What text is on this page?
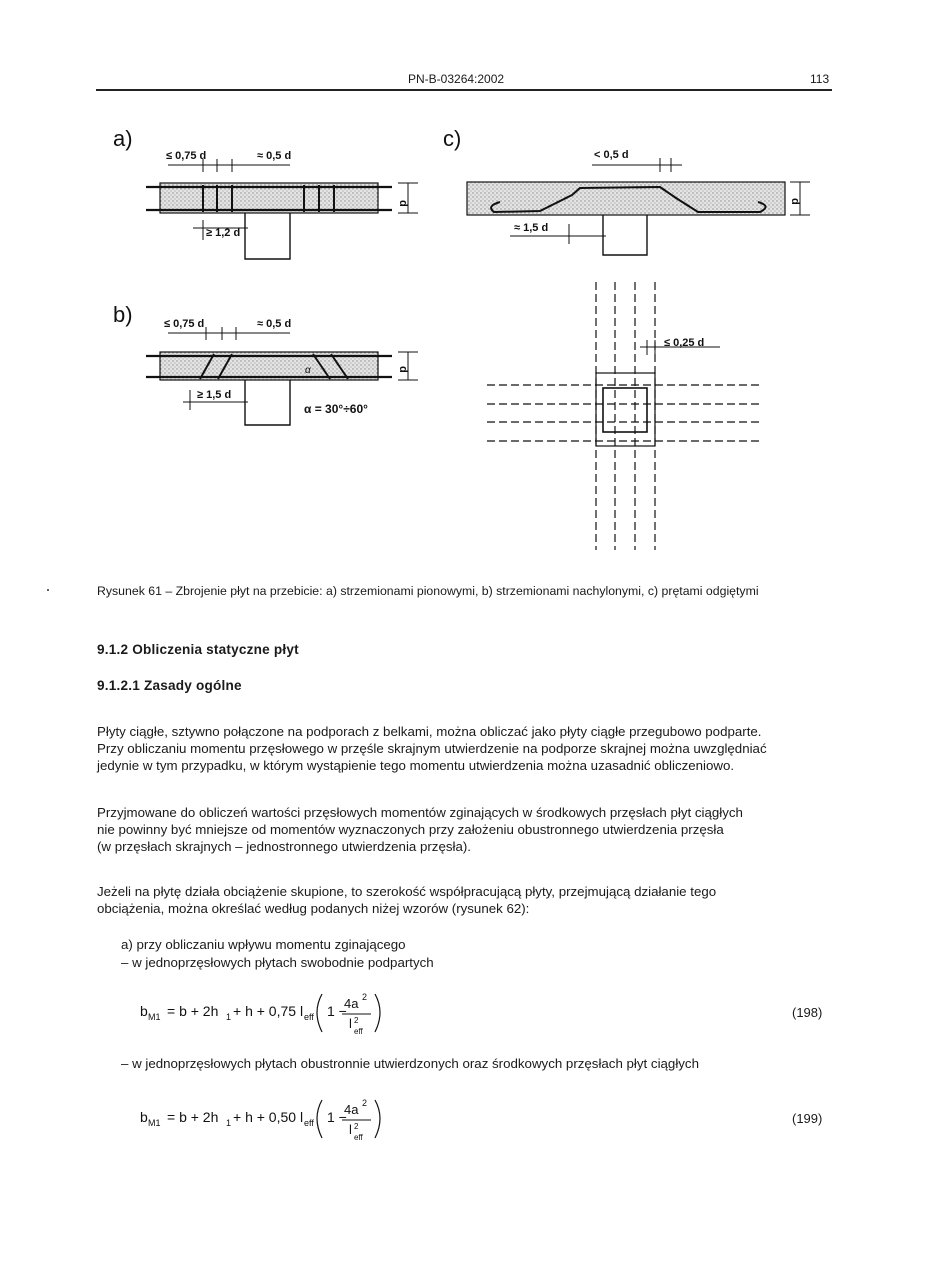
PN-B-03264:2002	113
a)
≤ 0,75 d	≈ 0,5 d
≥ 1,2 d
d
b)	≤ 0,75 d	≈ 0,5 d
≥ 1,5 d
α	d
α = 30°÷60°
c)
< 0,5 d
≈ 1,5 d
d
≤ 0,25 d
Rysunek 61 – Zbrojenie płyt na przebicie: a) strzemionami pionowymi, b) strzemionami nachylonymi, c) prętami odgiętymi
9.1.2 Obliczenia statyczne płyt
9.1.2.1 Zasady ogólne
Płyty ciągłe, sztywno połączone na podporach z belkami, można obliczać jako płyty ciągłe przegubowo podparte.
Przy obliczaniu momentu przęsłowego w przęśle skrajnym utwierdzenie na podporze skrajnej można uwzględniać
jedynie w tym przypadku, w którym wystąpienie tego momentu utwierdzenia można uzasadnić obliczeniowo.
Przyjmowane do obliczeń wartości przęsłowych momentów zginających w środkowych przęsłach płyt ciągłych
nie powinny być mniejsze od momentów wyznaczonych przy założeniu obustronnego utwierdzenia przęsła
(w przęsłach skrajnych – jednostronnego utwierdzenia przęsła).
Jeżeli na płytę działa obciążenie skupione, to szerokość współpracującą płyty, przejmującą działanie tego
obciążenia, można określać według podanych niżej wzorów (rysunek 62):
a) przy obliczaniu wpływu momentu zginającego
– w jednoprzęsłowych płytach swobodnie podpartych
b M1 = b + 2h 1 + h + 0,75 l eff 1 −
4a 2
l 2
eff
(198)
– w jednoprzęsłowych płytach obustronnie utwierdzonych oraz środkowych przęsłach płyt ciągłych
b M1 = b + 2h 1 + h + 0,50 l eff 1 −
4a 2
l 2
eff
(199)
